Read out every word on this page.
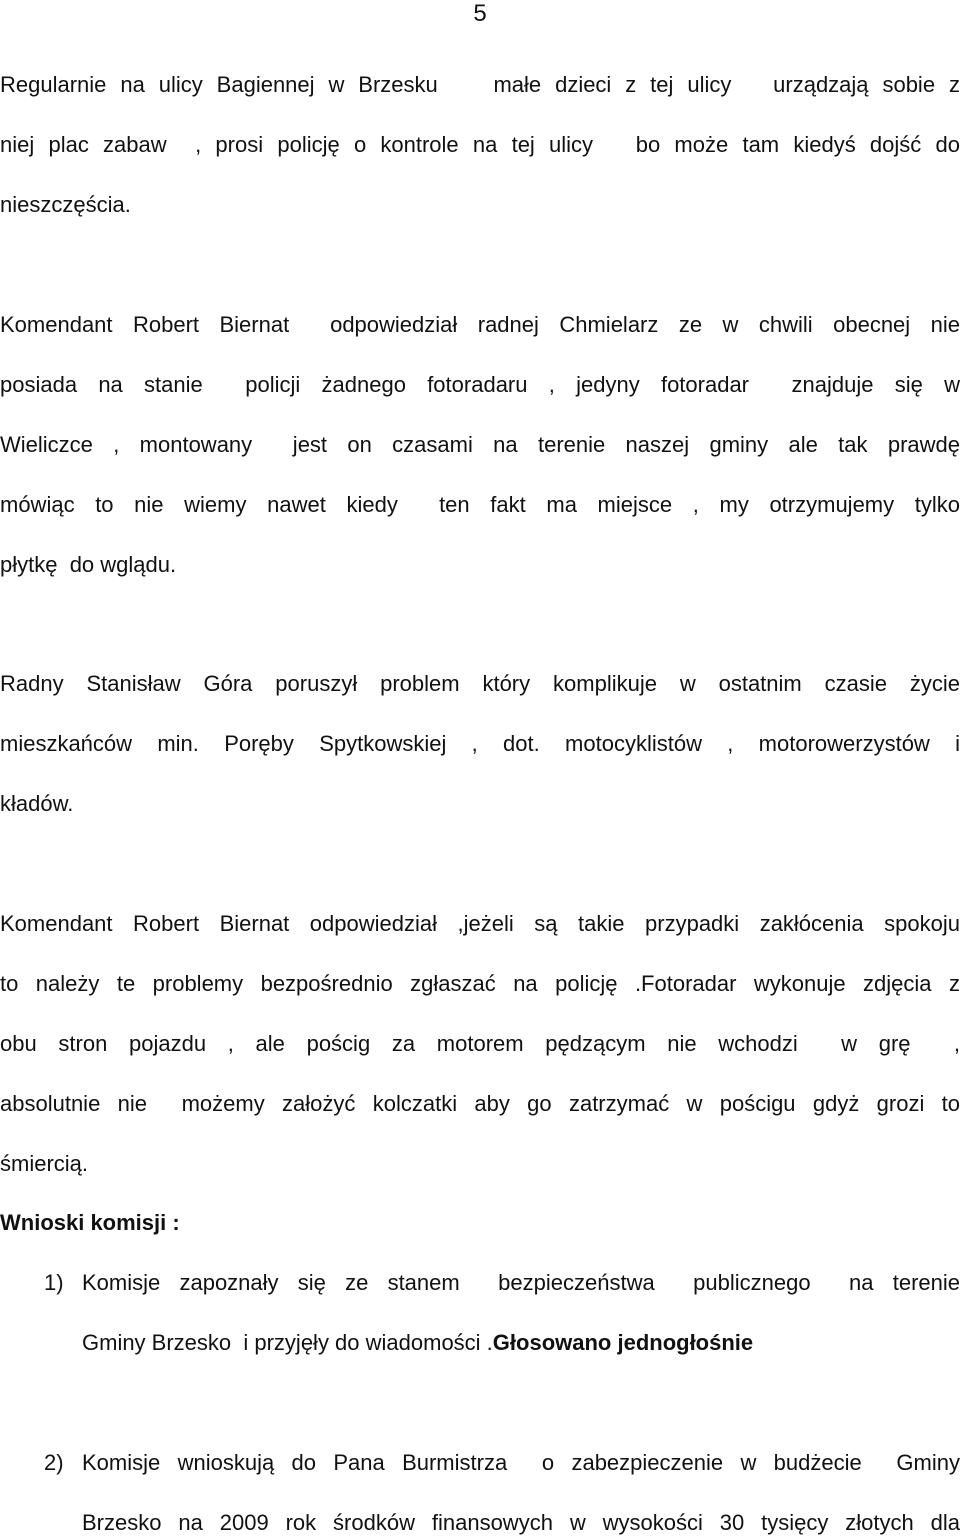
5
Regularnie na ulicy Bagiennej w Brzesku    małe dzieci z tej ulicy   urządzają sobie z
niej plac zabaw  , prosi policję o kontrole na tej ulicy   bo może tam kiedyś dojść do
nieszczęścia.
Komendant Robert Biernat  odpowiedział radnej Chmielarz ze w chwili obecnej nie
posiada na stanie  policji żadnego fotoradaru , jedyny fotoradar  znajduje się w
Wieliczce , montowany  jest on czasami na terenie naszej gminy ale tak prawdę
mówiąc to nie wiemy nawet kiedy  ten fakt ma miejsce , my otrzymujemy tylko
płytkę  do wglądu.
Radny Stanisław Góra poruszył problem który komplikuje w ostatnim czasie życie
mieszkańców min. Poręby Spytkowskiej , dot. motocyklistów , motorowerzystów i
kładów.
Komendant Robert Biernat odpowiedział ,jeżeli są takie przypadki zakłócenia spokoju
to należy te problemy bezpośrednio zgłaszać na policję .Fotoradar wykonuje zdjęcia z
obu stron pojazdu , ale pościg za motorem pędzącym nie wchodzi  w grę  ,
absolutnie nie  możemy założyć kolczatki aby go zatrzymać w pościgu gdyż grozi to
śmiercią.
Wnioski komisji :
1) Komisje zapoznały się ze stanem  bezpieczeństwa  publicznego  na terenie
Gminy Brzesko  i przyjęły do wiadomości .Głosowano jednogłośnie
2) Komisje wnioskują do Pana Burmistrza  o zabezpieczenie w budżecie  Gminy
Brzesko na 2009 rok środków finansowych w wysokości 30 tysięcy złotych dla
